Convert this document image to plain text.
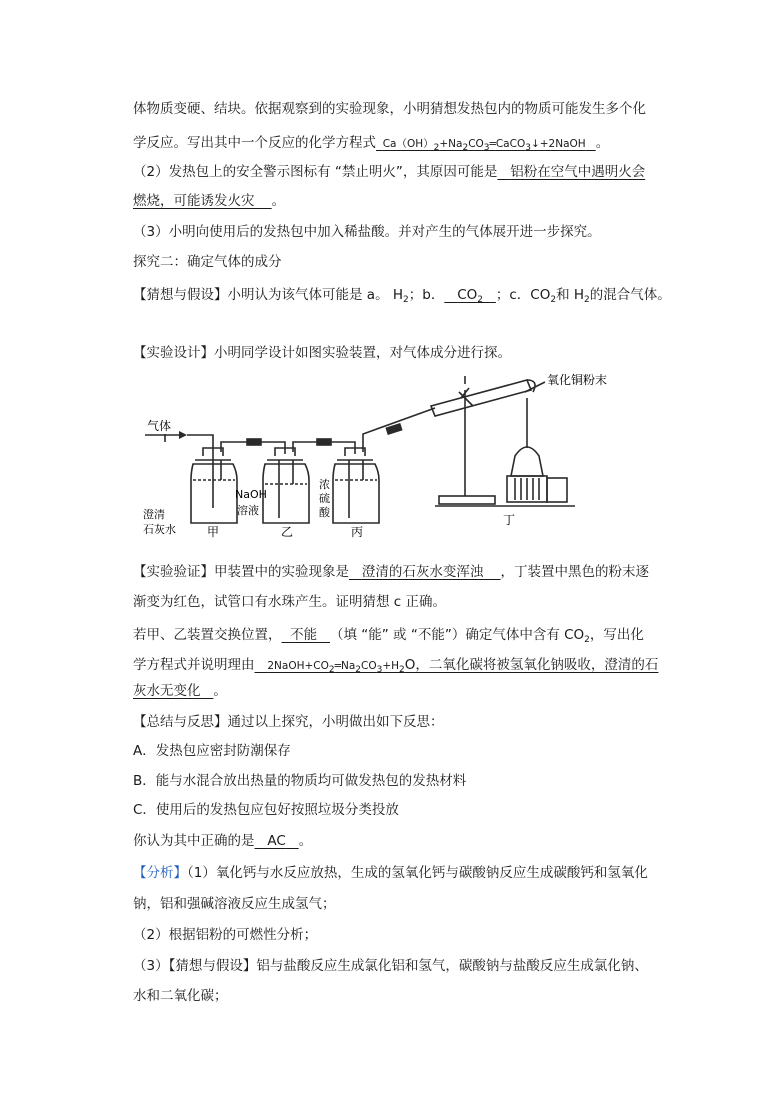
体物质变硬、结块。依据观察到的实验现象，小明猜想发热包内的物质可能发生多个化
学反应。写出其中一个反应的化学方程式 Ca（OH）2+Na2CO3═CaCO3↓+2NaOH 。
（2）发热包上的安全警示图标有 “禁止明火”，其原因可能是 铝粉在空气中遇明火会
燃烧，可能诱发火灾 。
（3）小明向使用后的发热包中加入稀盐酸。并对产生的气体展开进一步探究。
探究二：确定气体的成分
【猜想与假设】小明认为该气体可能是 a。 $H_2$；b． $CO_2$ ；c．$CO_2$和 $H_2$的混合气体。
【实验设计】小明同学设计如图实验装置，对气体成分进行探。
气体
氧化铜粉末
澄清
石灰水
NaOH
溶液
浓
硫
酸
甲	乙	丙
丁
【实验验证】甲装置中的实验现象是 澄清的石灰水变浑浊 ，丁装置中黑色的粉末逐
渐变为红色，试管口有水珠产生。证明猜想 c 正确。
若甲、乙装置交换位置， 不能 （填 “能” 或 “不能”）确定气体中含有 $CO_2$，写出化
学方程式并说明理由 2NaOH+CO2═Na2CO3+H2O，二氧化碳将被氢氧化钠吸收，澄清的石
灰水无变化 。
【总结与反思】通过以上探究，小明做出如下反思：
A．发热包应密封防潮保存
B．能与水混合放出热量的物质均可做发热包的发热材料
C．使用后的发热包应包好按照垃圾分类投放
你认为其中正确的是 AC 。
【分析】（1）氧化钙与水反应放热，生成的氢氧化钙与碳酸钠反应生成碳酸钙和氢氧化
钠，铝和强碱溶液反应生成氢气；
（2）根据铝粉的可燃性分析；
（3）【猜想与假设】铝与盐酸反应生成氯化铝和氢气，碳酸钠与盐酸反应生成氯化钠、
水和二氧化碳；
